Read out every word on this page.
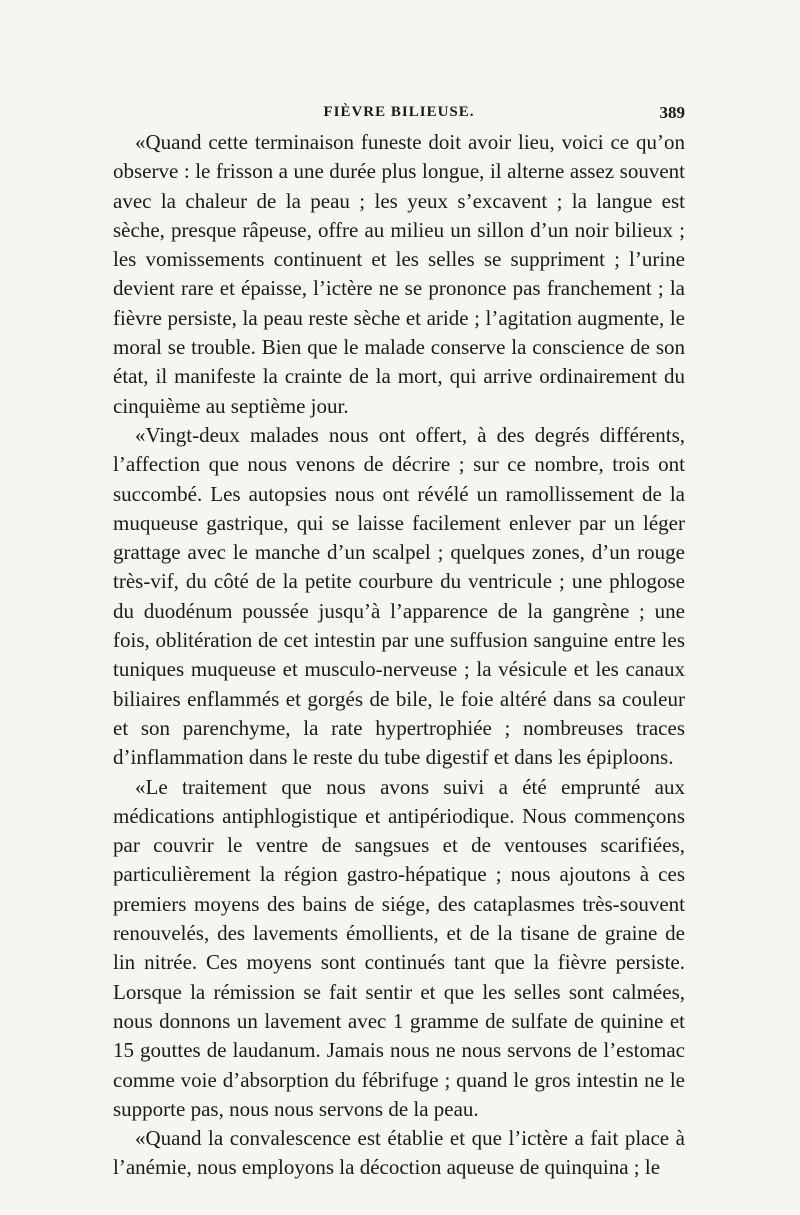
FIÈVRE BILIEUSE.	389

«Quand cette terminaison funeste doit avoir lieu, voici ce qu’on observe : le frisson a une durée plus longue, il alterne assez souvent avec la chaleur de la peau ; les yeux s’excavent ; la langue est sèche, presque râpeuse, offre au milieu un sillon d’un noir bilieux ; les vomissements continuent et les selles se suppriment ; l’urine devient rare et épaisse, l’ictère ne se prononce pas franchement ; la fièvre persiste, la peau reste sèche et aride ; l’agitation augmente, le moral se trouble. Bien que le malade conserve la conscience de son état, il manifeste la crainte de la mort, qui arrive ordinairement du cinquième au septième jour.

«Vingt-deux malades nous ont offert, à des degrés différents, l’affection que nous venons de décrire ; sur ce nombre, trois ont succombé. Les autopsies nous ont révélé un ramollissement de la muqueuse gastrique, qui se laisse facilement enlever par un léger grattage avec le manche d’un scalpel ; quelques zones, d’un rouge très-vif, du côté de la petite courbure du ventricule ; une phlogose du duodénum poussée jusqu’à l’apparence de la gangrène ; une fois, oblitération de cet intestin par une suffusion sanguine entre les tuniques muqueuse et musculo-nerveuse ; la vésicule et les canaux biliaires enflammés et gorgés de bile, le foie altéré dans sa couleur et son parenchyme, la rate hypertrophiée ; nombreuses traces d’inflammation dans le reste du tube digestif et dans les épiploons.

«Le traitement que nous avons suivi a été emprunté aux médications antiphlogistique et antipériodique. Nous commençons par couvrir le ventre de sangsues et de ventouses scarifiées, particulièrement la région gastro-hépatique ; nous ajoutons à ces premiers moyens des bains de siége, des cataplasmes très-souvent renouvelés, des lavements émollients, et de la tisane de graine de lin nitrée. Ces moyens sont continués tant que la fièvre persiste. Lorsque la rémission se fait sentir et que les selles sont calmées, nous donnons un lavement avec 1 gramme de sulfate de quinine et 15 gouttes de laudanum. Jamais nous ne nous servons de l’estomac comme voie d’absorption du fébrifuge ; quand le gros intestin ne le supporte pas, nous nous servons de la peau.

«Quand la convalescence est établie et que l’ictère a fait place à l’anémie, nous employons la décoction aqueuse de quinquina ; le
